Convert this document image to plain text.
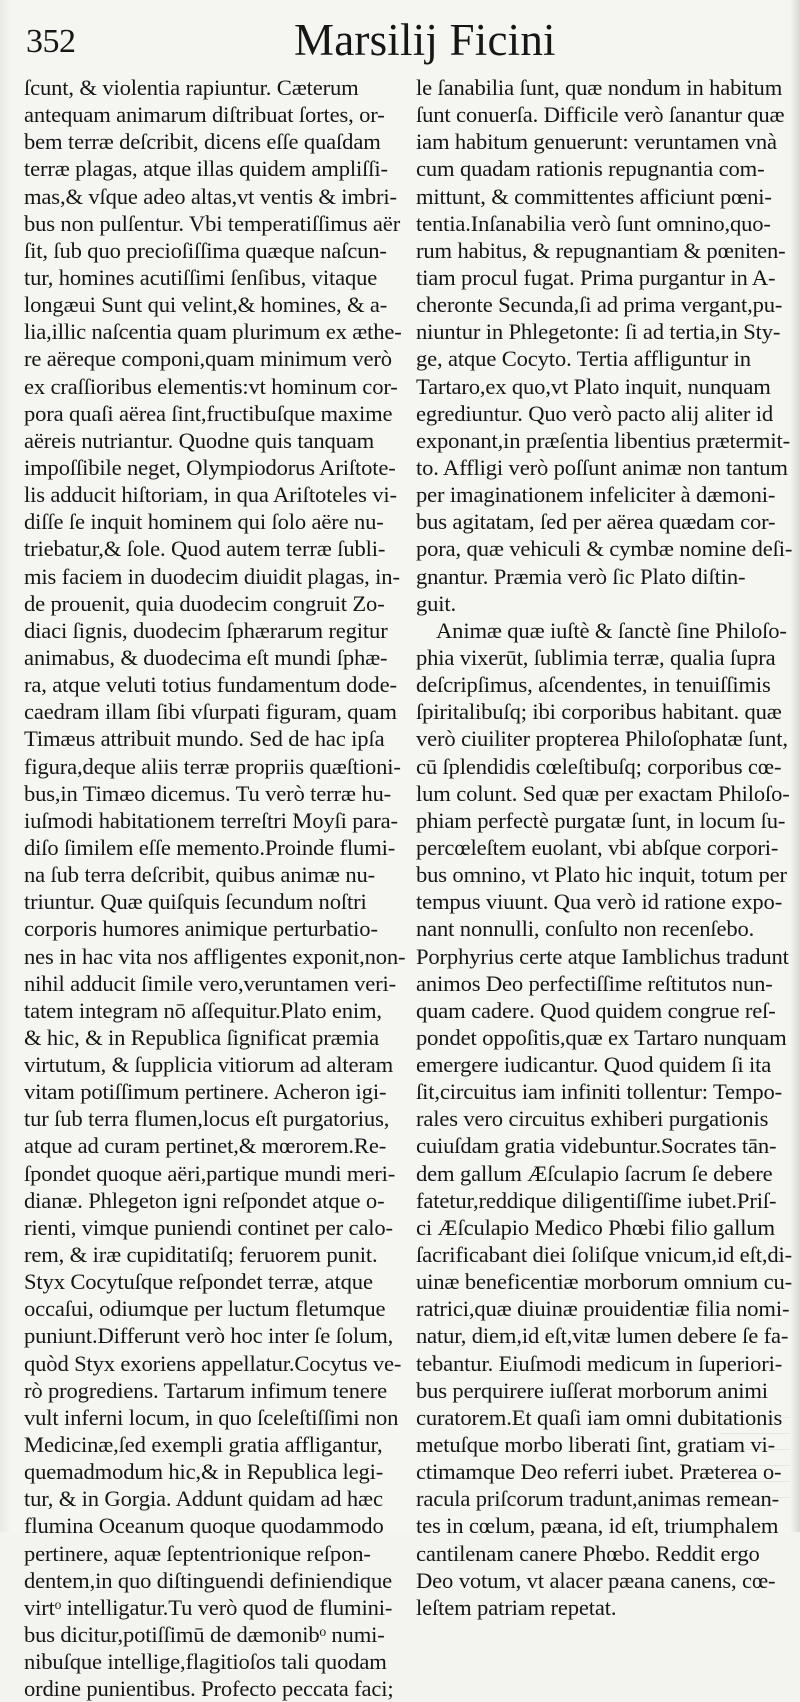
352	Marsilij Ficini
ſcunt, & violentia rapiuntur. Cæterum
antequam animarum diſtribuat ſortes, or-
bem terræ deſcribit, dicens eſſe quaſdam
terræ plagas, atque illas quidem ampliſſi-
mas,& vſque adeo altas,vt ventis & imbri-
bus non pulſentur. Vbi temperatiſſimus aër
ſit, ſub quo precioſiſſima quæque naſcun-
tur, homines acutiſſimi ſenſibus, vitaque
longæui Sunt qui velint,& homines, & a-
lia,illic naſcentia quam plurimum ex æthe-
re aëreque componi,quam minimum verò
ex craſſioribus elementis:vt hominum cor-
pora quaſi aërea ſint,fructibuſque maxime
aëreis nutriantur. Quodne quis tanquam
impoſſibile neget, Olympiodorus Ariſtote-
lis adducit hiſtoriam, in qua Ariſtoteles vi-
diſſe ſe inquit hominem qui ſolo aëre nu-
triebatur,& ſole. Quod autem terræ ſubli-
mis faciem in duodecim diuidit plagas, in-
de prouenit, quia duodecim congruit Zo-
diaci ſignis, duodecim ſphærarum regitur
animabus, & duodecima eſt mundi ſphæ-
ra, atque veluti totius fundamentum dode-
caedram illam ſibi vſurpati figuram, quam
Timæus attribuit mundo. Sed de hac ipſa
figura,deque aliis terræ propriis quæſtioni-
bus,in Timæo dicemus. Tu verò terræ hu-
iuſmodi habitationem terreſtri Moyſi para-
diſo ſimilem eſſe memento.Proinde flumi-
na ſub terra deſcribit, quibus animæ nu-
triuntur. Quæ quiſquis ſecundum noſtri
corporis humores animique perturbatio-
nes in hac vita nos affligentes exponit,non-
nihil adducit ſimile vero,veruntamen veri-
tatem integram nō aſſequitur.Plato enim,
& hic, & in Republica ſignificat præmia
virtutum, & ſupplicia vitiorum ad alteram
vitam potiſſimum pertinere. Acheron igi-
tur ſub terra flumen,locus eſt purgatorius,
atque ad curam pertinet,& mœrorem.Re-
ſpondet quoque aëri,partique mundi meri-
dianæ. Phlegeton igni reſpondet atque o-
rienti, vimque puniendi continet per calo-
rem, & iræ cupiditatiſq; feruorem punit.
Styx Cocytuſque reſpondet terræ, atque
occaſui, odiumque per luctum fletumque
puniunt.Differunt verò hoc inter ſe ſolum,
quòd Styx exoriens appellatur.Cocytus ve-
rò progrediens. Tartarum infimum tenere
vult inferni locum, in quo ſceleſtiſſimi non
Medicinæ,ſed exempli gratia affligantur,
quemadmodum hic,& in Republica legi-
tur, & in Gorgia. Addunt quidam ad hæc
flumina Oceanum quoque quodammodo
pertinere, aquæ ſeptentrionique reſpon-
dentem,in quo diſtinguendi definiendique
virtᵒ intelligatur.Tu verò quod de flumini-
bus dicitur,potiſſimū de dæmonibᵒ numi-
nibuſque intellige,flagitioſos tali quodam
ordine punientibus. Profecto peccata faci;
le ſanabilia ſunt, quæ nondum in habitum
ſunt conuerſa. Difficile verò ſanantur quæ
iam habitum genuerunt: veruntamen vnà
cum quadam rationis repugnantia com-
mittunt, & committentes afficiunt pœni-
tentia.Inſanabilia verò ſunt omnino,quo-
rum habitus, & repugnantiam & pœniten-
tiam procul fugat. Prima purgantur in A-
cheronte Secunda,ſi ad prima vergant,pu-
niuntur in Phlegetonte: ſi ad tertia,in Sty-
ge, atque Cocyto. Tertia affliguntur in
Tartaro,ex quo,vt Plato inquit, nunquam
egrediuntur. Quo verò pacto alij aliter id
exponant,in præſentia libentius prætermit-
to. Affligi verò poſſunt animæ non tantum
per imaginationem infeliciter à dæmoni-
bus agitatam, ſed per aërea quædam cor-
pora, quæ vehiculi & cymbæ nomine deſi-
gnantur. Præmia verò ſic Plato diſtin-
guit.
Animæ quæ iuſtè & ſanctè ſine Philoſo-
phia vixerūt, ſublimia terræ, qualia ſupra
deſcripſimus, aſcendentes, in tenuiſſimis
ſpiritalibuſq; ibi corporibus habitant. quæ
verò ciuiliter propterea Philoſophatæ ſunt,
cū ſplendidis cœleſtibuſq; corporibus cœ-
lum colunt. Sed quæ per exactam Philoſo-
phiam perfectè purgatæ ſunt, in locum ſu-
percœleſtem euolant, vbi abſque corpori-
bus omnino, vt Plato hic inquit, totum per
tempus viuunt. Qua verò id ratione expo-
nant nonnulli, conſulto non recenſebo.
Porphyrius certe atque Iamblichus tradunt
animos Deo perfectiſſime reſtitutos nun-
quam cadere. Quod quidem congrue reſ-
pondet oppoſitis,quæ ex Tartaro nunquam
emergere iudicantur. Quod quidem ſi ita
ſit,circuitus iam infiniti tollentur: Tempo-
rales vero circuitus exhiberi purgationis
cuiuſdam gratia videbuntur.Socrates tān-
dem gallum Æſculapio ſacrum ſe debere
fatetur,reddique diligentiſſime iubet.Priſ-
ci Æſculapio Medico Phœbi filio gallum
ſacrificabant diei ſoliſque vnicum,id eſt,di-
uinæ beneficentiæ morborum omnium cu-
ratrici,quæ diuinæ prouidentiæ filia nomi-
natur, diem,id eſt,vitæ lumen debere ſe fa-
tebantur. Eiuſmodi medicum in ſuperiori-
bus perquirere iuſſerat morborum animi
curatorem.Et quaſi iam omni dubitationis
metuſque morbo liberati ſint, gratiam vi-
ctimamque Deo referri iubet. Præterea o-
racula priſcorum tradunt,animas remean-
tes in cœlum, pæana, id eſt, triumphalem
cantilenam canere Phœbo. Reddit ergo
Deo votum, vt alacer pæana canens, cœ-
leſtem patriam repetat.
